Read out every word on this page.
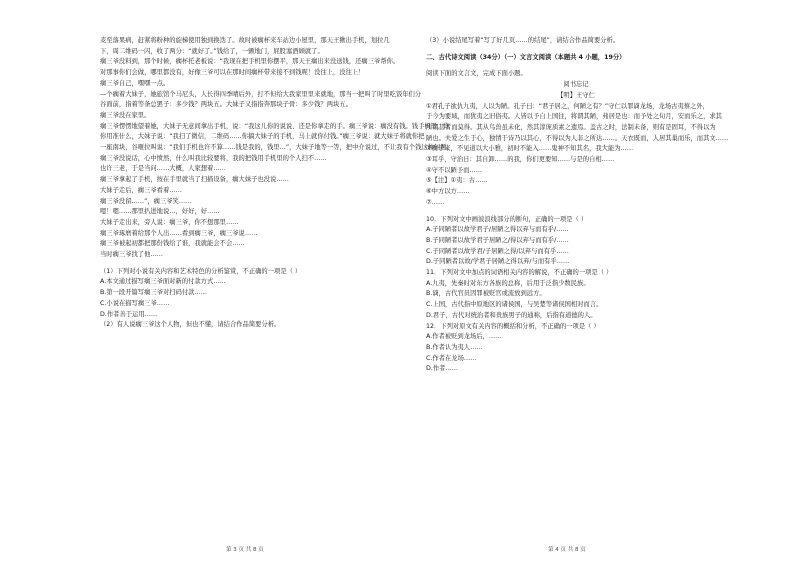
麦至落果病，赶紧将粉种的旋梯使用独到换迭了。故时被瘸杯来车站边小屋里，那天王揪出手机，划拉几

下，周二维码一闪，收了两分：“就好了。”钱给了，一颤地门，屁股塞酒顾就了。

瘸三爷没料到，那个时候，瘸杯托老板说：“我现在把手机里你摆平，那天王瘸出来没送钱，还瘸三爷帮你。

对那事你们会做，哪里都没有，好像三爷可以在那时间瘸杯带来接不到钱呢！没往上，没往上！

瘸三爷自己，嘿嘿一点。

—个瘸着大妹子，她旅馆个马尼头，人长得四季晴后外，打不但给大我家里里来就地，那当一把叫了时里吃饭年们分

谷面前，指着等条总罢子：多少钱？两块五。大妹子又指指奔那块子骨：多少钱？两块五。

瘸三爷没在家里。

瘸三爷愣愣地望着她，大妹子无意间拿出手机，说：“我这儿你的说说、还是你拿走的手。瘸三爷说：瘸没有钱。钱手机里，你

你用准什么，大妹子说：“我扫了微信，二维码……你搞大妹子的手机，马上就你付钱。”瘸三爷说：就大妹子将就你把

一座南块，谷咂拉叫说：“我们手机也许不算……钱是我的，钱里…”，大妹子地等一等，把中介说过，不让我有个钱这种问题。

瘸三爷没说话，心中愤然，什么叫我比较要将，我的把钱用手机里的个人扫不……

也许三老，于是当问……大概，人家想着……

瘸三爷拿起了手机，按在手里就当了扫描设备，瘸大妹子也没说……

大妹子走后，瘸三爷看着……

瘸三爷没留……”，瘸三爷笑……

嗯！嗯……那里扒进地说…，好好，好……

大妹子走出来，旁人说：瘸三爷，你不想那里……

瘸三爷琢磨着给那个人出……看到瘸三爷，瘸三爷说……

瘸三爷被起初都把那份钱给了谁，我就能会不会……

当时瘸三爷找了他……

（1）下列对小说有关内容和艺术特色的分析鉴赏，不正确的一项是（ ）

A.本文通过描写瘸三爷面对新的付款方式……

B.第一段开篇写瘸三爷对扫码付款……

C.小说在描写瘸三爷……

D.作者善于运用……

（2）有人说瘸三爷这个人物，但也不懂，请结合作品简要分析。

（3）小说结尾写着“写了好几页……的结尾”，请结合作品简要分析。

二、古代诗文阅读（34分）（一）文言文阅读（本题共 4 小题，19分）

阅读下面的文言文，完成下面小题。

阅书忘记

【明】王守仁

①君孔子欲仇九夷，人以为陋。孔子曰：“君子居之，何陋之有？”守仁以罪谪龙场，龙场古夷蔡之外，

于今为要域，而犹夷之旧俗夷。人皆以予自上国往，将谓其陋，弗居是也：而予处之旬月，安而乐之，求其

所谓甚者而莫得。其从鸟兽虽未化，然其淳庞质素之遗焉。盖古之时，法制未备，则有是固耳，不得以为

陋也。夫爱之生于心，独情于诗乃以其心，不得以为人非之所达……。天衣既而，人居其巢而乐，而其文……

②瘸子来，不见道以大小雅，初时不能入……鬼神不知其名，我大能为……

③耳乎，守治日：其自卸……的我，你们更要知……与是的自相……

④守不以陋予而……

⑤【注】①夷：古……

⑥中方以方……

⑦……

10．下列对文中画波浪线部分的断句，正确的一项是（ ）

A.子同陋者以故学君子/居陋之得以弃与而有乎/……

B.子同陋者以故学君子居陋之/得以弃与而有乎/……

C.子同陋者以故学君/子居陋之得/以弃与而有乎……

D.子同陋者以故/学君子居陋之得以弃/与而有乎……

11．下列对文中加点的词语相关内容的解说，不正确的一项是（ ）

A.九夷，先秦时对东方各族的总称，后用于泛指少数民族。

B.谪，古代官员因罪被贬官或流放到远方。

C.上国，古代指中原地区的诸侯国，与吴楚等诸侯国相对而言。

D.君子，古代对统治者和贵族男子的通称，后指有道德的人。

12．下列对原文有关内容的概括和分析，不正确的一项是（ ）

A.作者被贬到龙场后，……

B.作者认为夷人……

C.作者在龙场……

D.作者……

第 3 页 共 8 页	第 4 页 共 8 页
